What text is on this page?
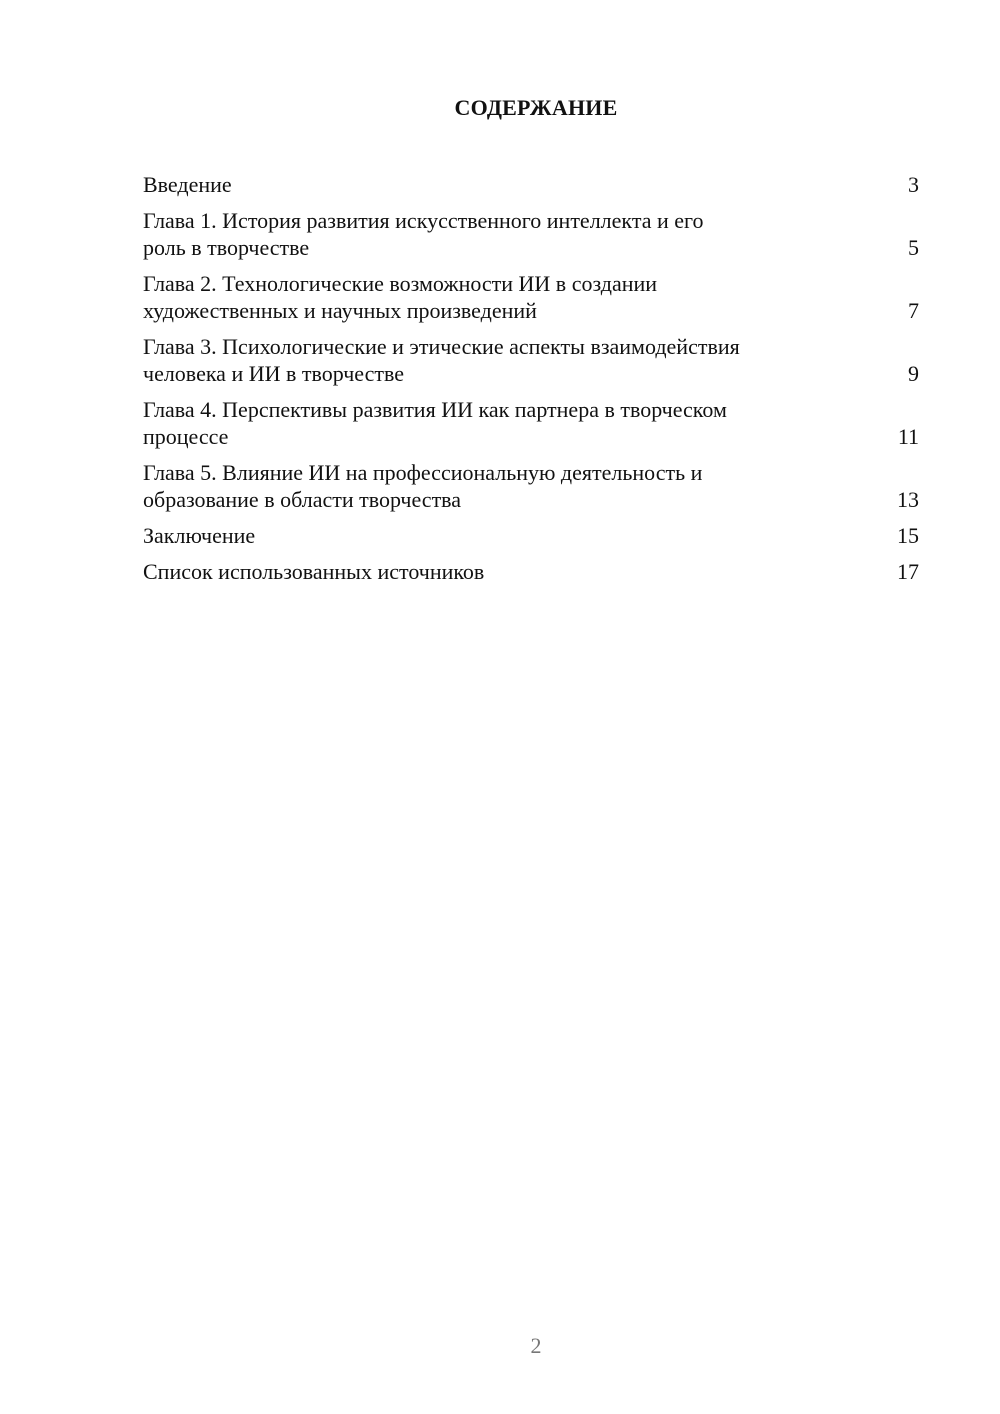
СОДЕРЖАНИЕ
Введение	3
Глава 1. История развития искусственного интеллекта и его
роль в творчестве	5
Глава 2. Технологические возможности ИИ в создании
художественных и научных произведений	7
Глава 3. Психологические и этические аспекты взаимодействия
человека и ИИ в творчестве	9
Глава 4. Перспективы развития ИИ как партнера в творческом
процессе	11
Глава 5. Влияние ИИ на профессиональную деятельность и
образование в области творчества	13
Заключение	15
Список использованных источников	17
2
